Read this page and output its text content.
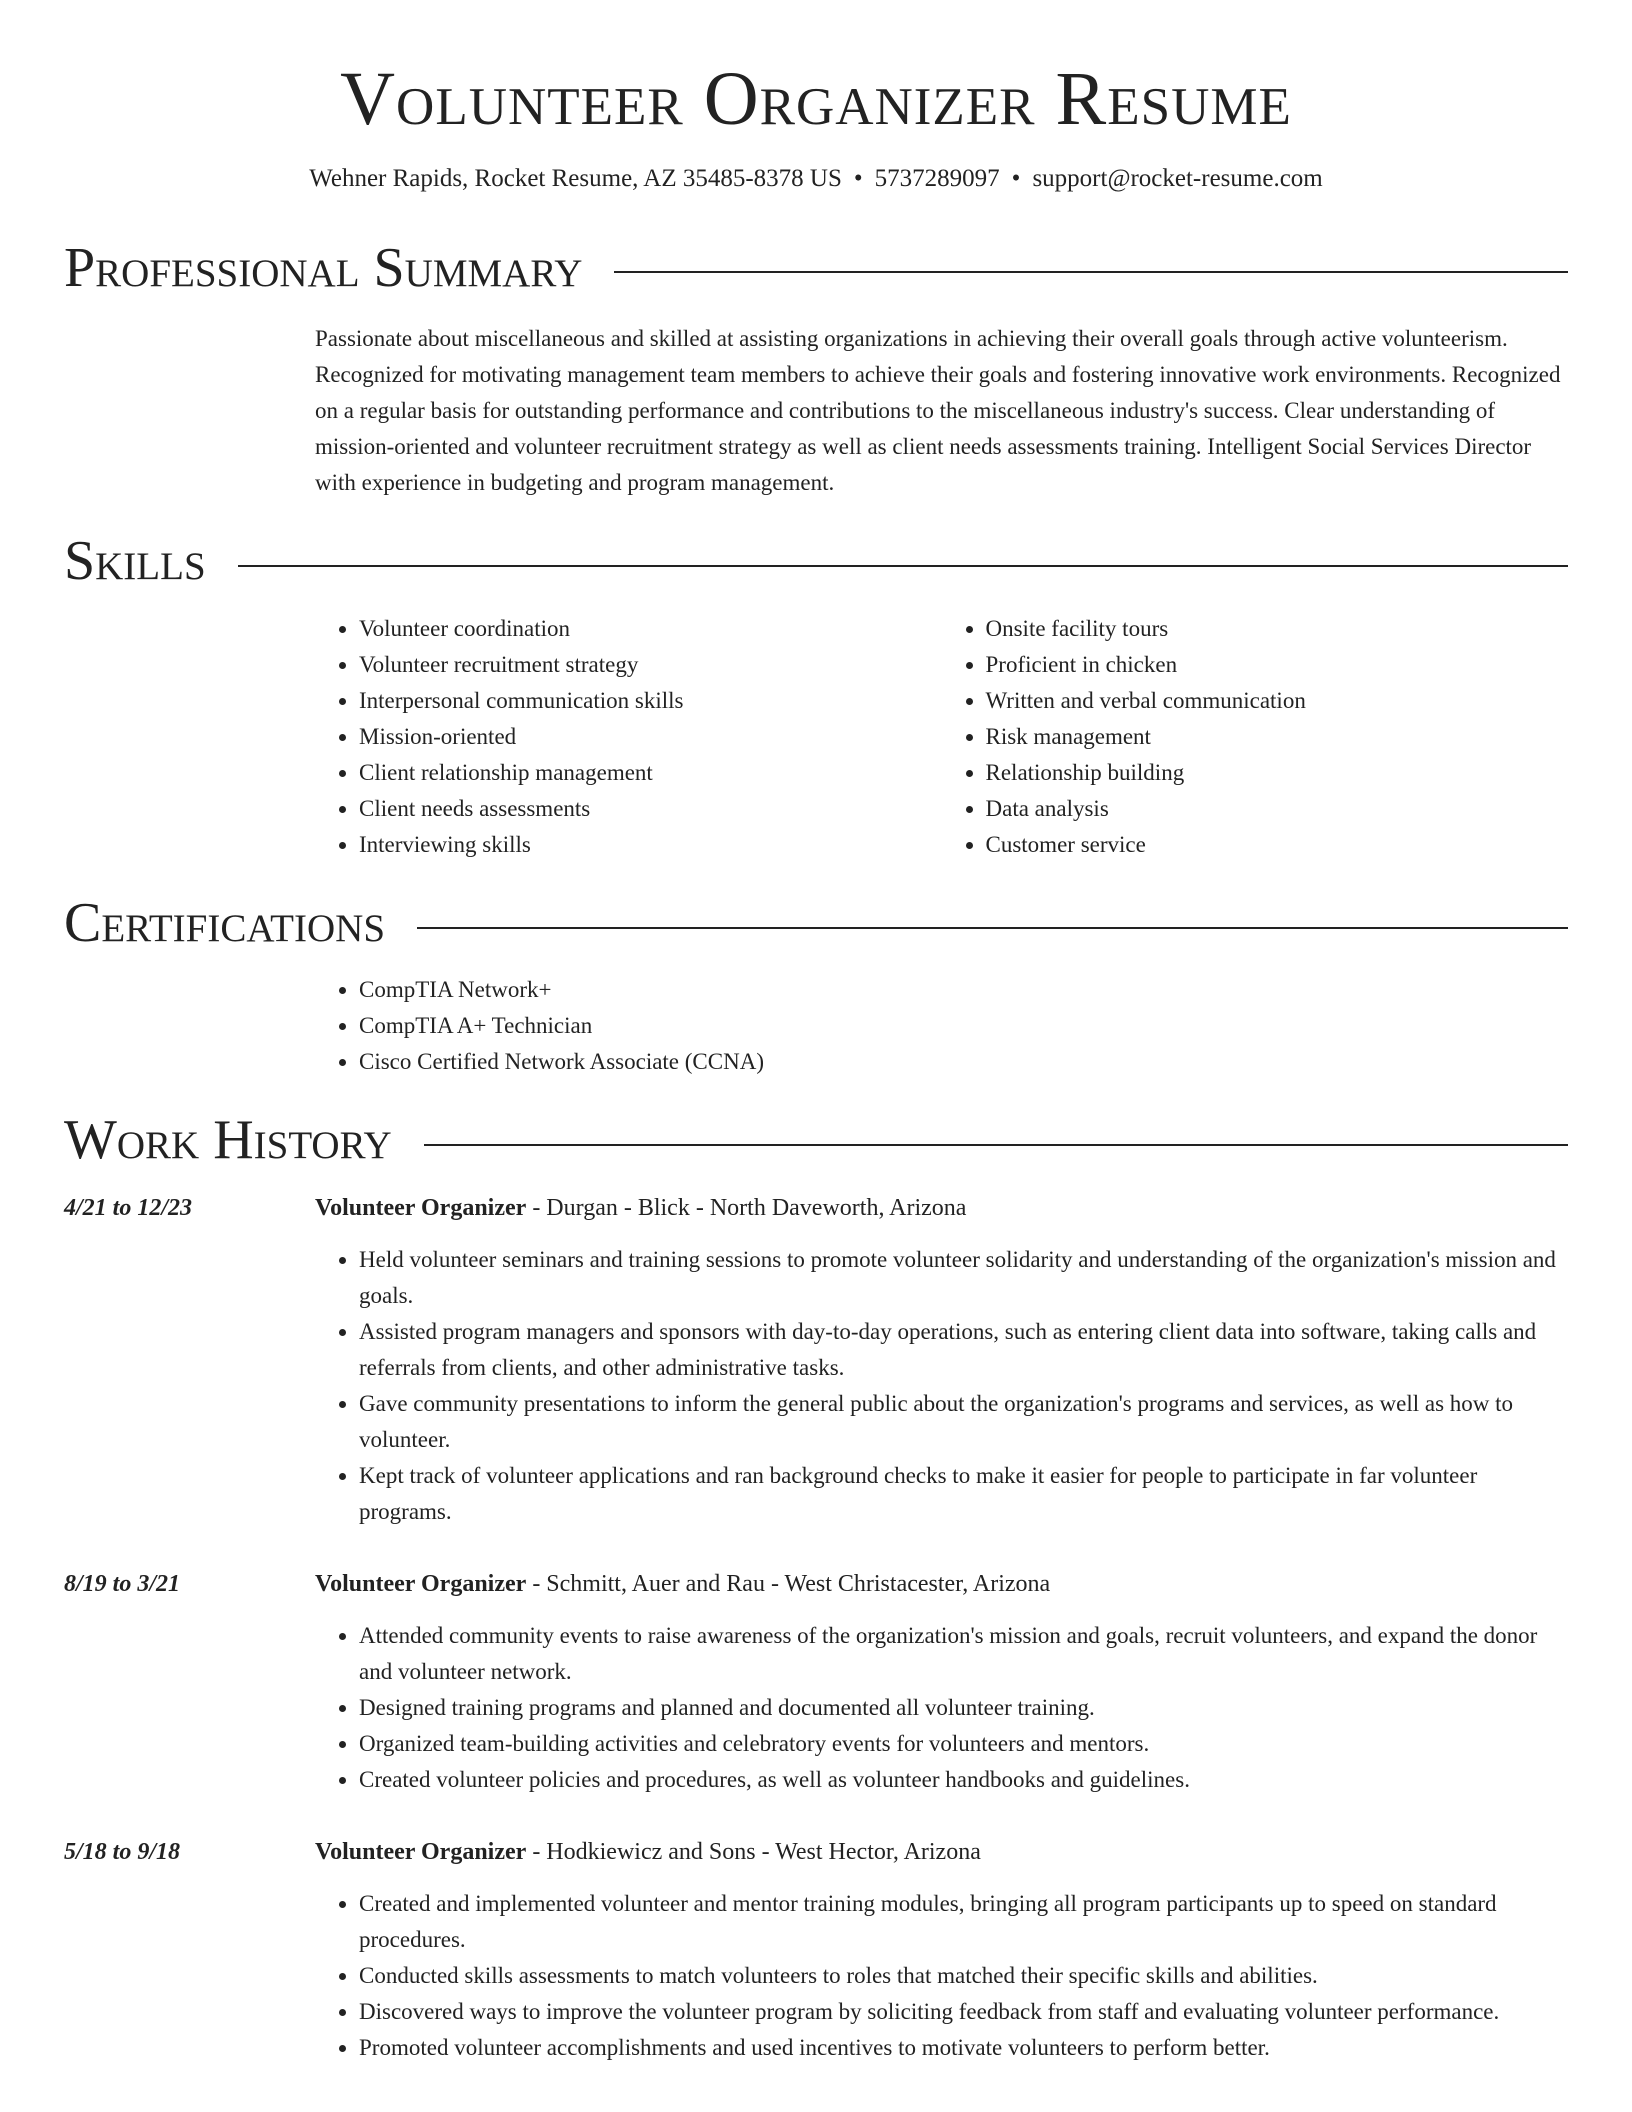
Volunteer Organizer Resume
Wehner Rapids, Rocket Resume, AZ 35485-8378 US • 5737289097 • support@rocket-resume.com
Professional Summary
Passionate about miscellaneous and skilled at assisting organizations in achieving their overall goals through active volunteerism. Recognized for motivating management team members to achieve their goals and fostering innovative work environments. Recognized on a regular basis for outstanding performance and contributions to the miscellaneous industry's success. Clear understanding of mission-oriented and volunteer recruitment strategy as well as client needs assessments training. Intelligent Social Services Director with experience in budgeting and program management.
Skills
• Volunteer coordination
• Volunteer recruitment strategy
• Interpersonal communication skills
• Mission-oriented
• Client relationship management
• Client needs assessments
• Interviewing skills
• Onsite facility tours
• Proficient in chicken
• Written and verbal communication
• Risk management
• Relationship building
• Data analysis
• Customer service
Certifications
• CompTIA Network+
• CompTIA A+ Technician
• Cisco Certified Network Associate (CCNA)
Work History
4/21 to 12/23	Volunteer Organizer - Durgan - Blick - North Daveworth, Arizona
• Held volunteer seminars and training sessions to promote volunteer solidarity and understanding of the organization's mission and goals.
• Assisted program managers and sponsors with day-to-day operations, such as entering client data into software, taking calls and referrals from clients, and other administrative tasks.
• Gave community presentations to inform the general public about the organization's programs and services, as well as how to volunteer.
• Kept track of volunteer applications and ran background checks to make it easier for people to participate in far volunteer programs.
8/19 to 3/21	Volunteer Organizer - Schmitt, Auer and Rau - West Christacester, Arizona
• Attended community events to raise awareness of the organization's mission and goals, recruit volunteers, and expand the donor and volunteer network.
• Designed training programs and planned and documented all volunteer training.
• Organized team-building activities and celebratory events for volunteers and mentors.
• Created volunteer policies and procedures, as well as volunteer handbooks and guidelines.
5/18 to 9/18	Volunteer Organizer - Hodkiewicz and Sons - West Hector, Arizona
• Created and implemented volunteer and mentor training modules, bringing all program participants up to speed on standard procedures.
• Conducted skills assessments to match volunteers to roles that matched their specific skills and abilities.
• Discovered ways to improve the volunteer program by soliciting feedback from staff and evaluating volunteer performance.
• Promoted volunteer accomplishments and used incentives to motivate volunteers to perform better.
